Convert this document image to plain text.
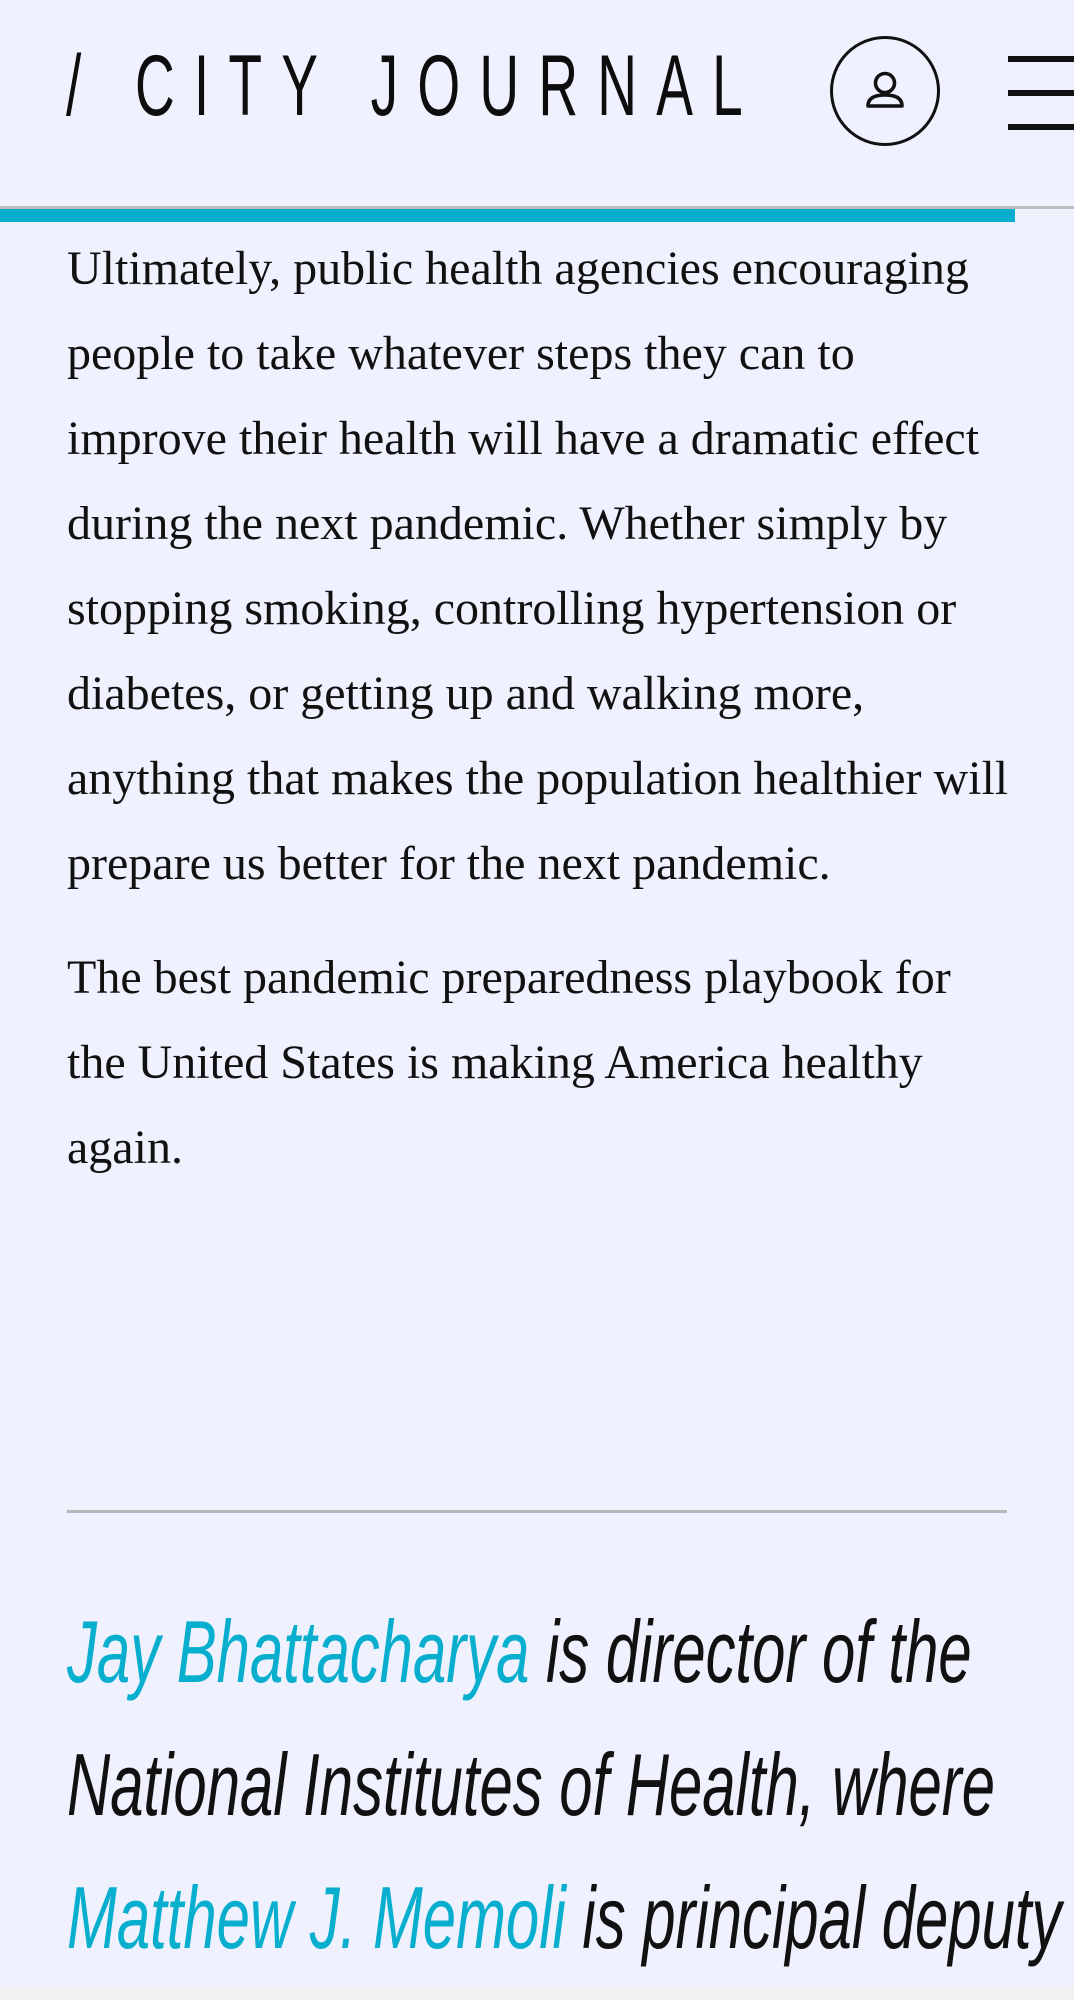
/ CITY JOURNAL

Ultimately, public health agencies encouraging people to take whatever steps they can to improve their health will have a dramatic effect during the next pandemic. Whether simply by stopping smoking, controlling hypertension or diabetes, or getting up and walking more, anything that makes the population healthier will prepare us better for the next pandemic.

The best pandemic preparedness playbook for the United States is making America healthy again.

Jay Bhattacharya is director of the
National Institutes of Health, where
Matthew J. Memoli is principal deputy
